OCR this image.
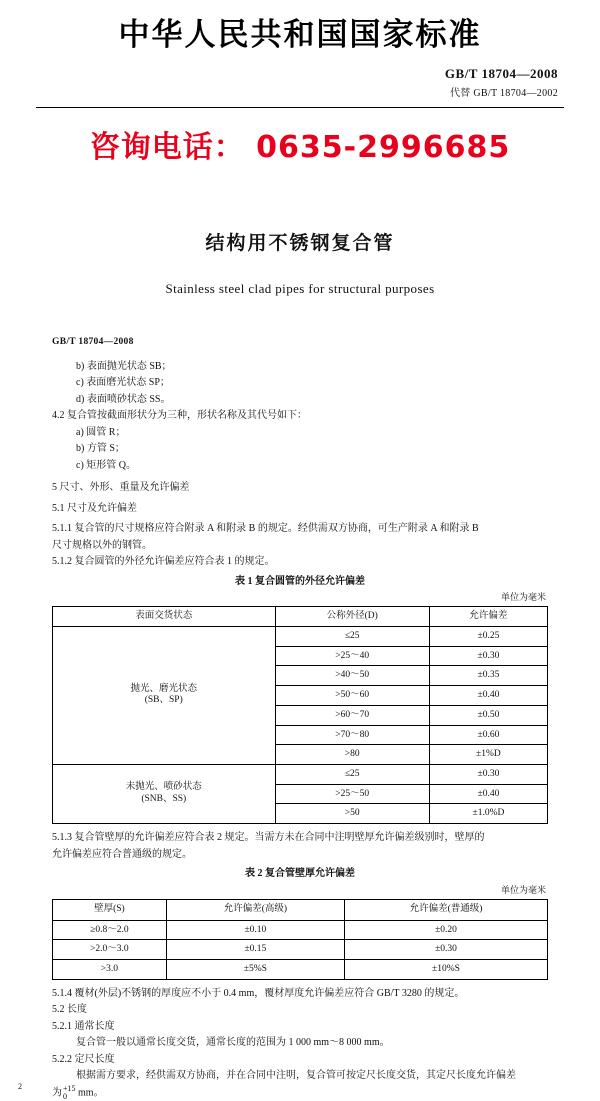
中华人民共和国国家标准
GB/T 18704—2008
代替 GB/T 18704—2002
咨询电话： 0635-2996685
结构用不锈钢复合管
Stainless steel clad pipes for structural purposes
GB/T 18704—2008
b) 表面抛光状态 SB；
c) 表面磨光状态 SP；
d) 表面喷砂状态 SS。
4.2 复合管按截面形状分为三种，形状名称及其代号如下：
a) 圆管 R；
b) 方管 S；
c) 矩形管 Q。
5 尺寸、外形、重量及允许偏差
5.1 尺寸及允许偏差
5.1.1 复合管的尺寸规格应符合附录 A 和附录 B 的规定。经供需双方协商，可生产附录 A 和附录 B
尺寸规格以外的钢管。
5.1.2 复合圆管的外径允许偏差应符合表 1 的规定。
表 1 复合圆管的外径允许偏差
单位为毫米
表面交货状态	公称外径(D)	允许偏差

抛光、磨光状态
(SB、SP)	≤25	±0.25
	>25～40	±0.30
	>40～50	±0.35
	>50～60	±0.40
	>60～70	±0.50
	>70～80	±0.60
	>80	±1%D

未抛光、喷砂状态
(SNB、SS)	≤25	±0.30
	>25～50	±0.40
	>50	±1.0%D
5.1.3 复合管壁厚的允许偏差应符合表 2 规定。当需方未在合同中注明壁厚允许偏差级别时，壁厚的
允许偏差应符合普通级的规定。
表 2 复合管壁厚允许偏差
单位为毫米
壁厚(S)	允许偏差(高级)	允许偏差(普通级)
≥0.8～2.0	±0.10	±0.20
>2.0～3.0	±0.15	±0.30
>3.0	±5%S	±10%S
5.1.4 覆材(外层)不锈钢的厚度应不小于 0.4 mm，覆材厚度允许偏差应符合 GB/T 3280 的规定。
5.2 长度
5.2.1 通常长度
复合管一般以通常长度交货，通常长度的范围为 1 000 mm～8 000 mm。
5.2.2 定尺长度
根据需方要求，经供需双方协商，并在合同中注明，复合管可按定尺长度交货，其定尺长度允许偏差
为 +15
0	mm。
2
